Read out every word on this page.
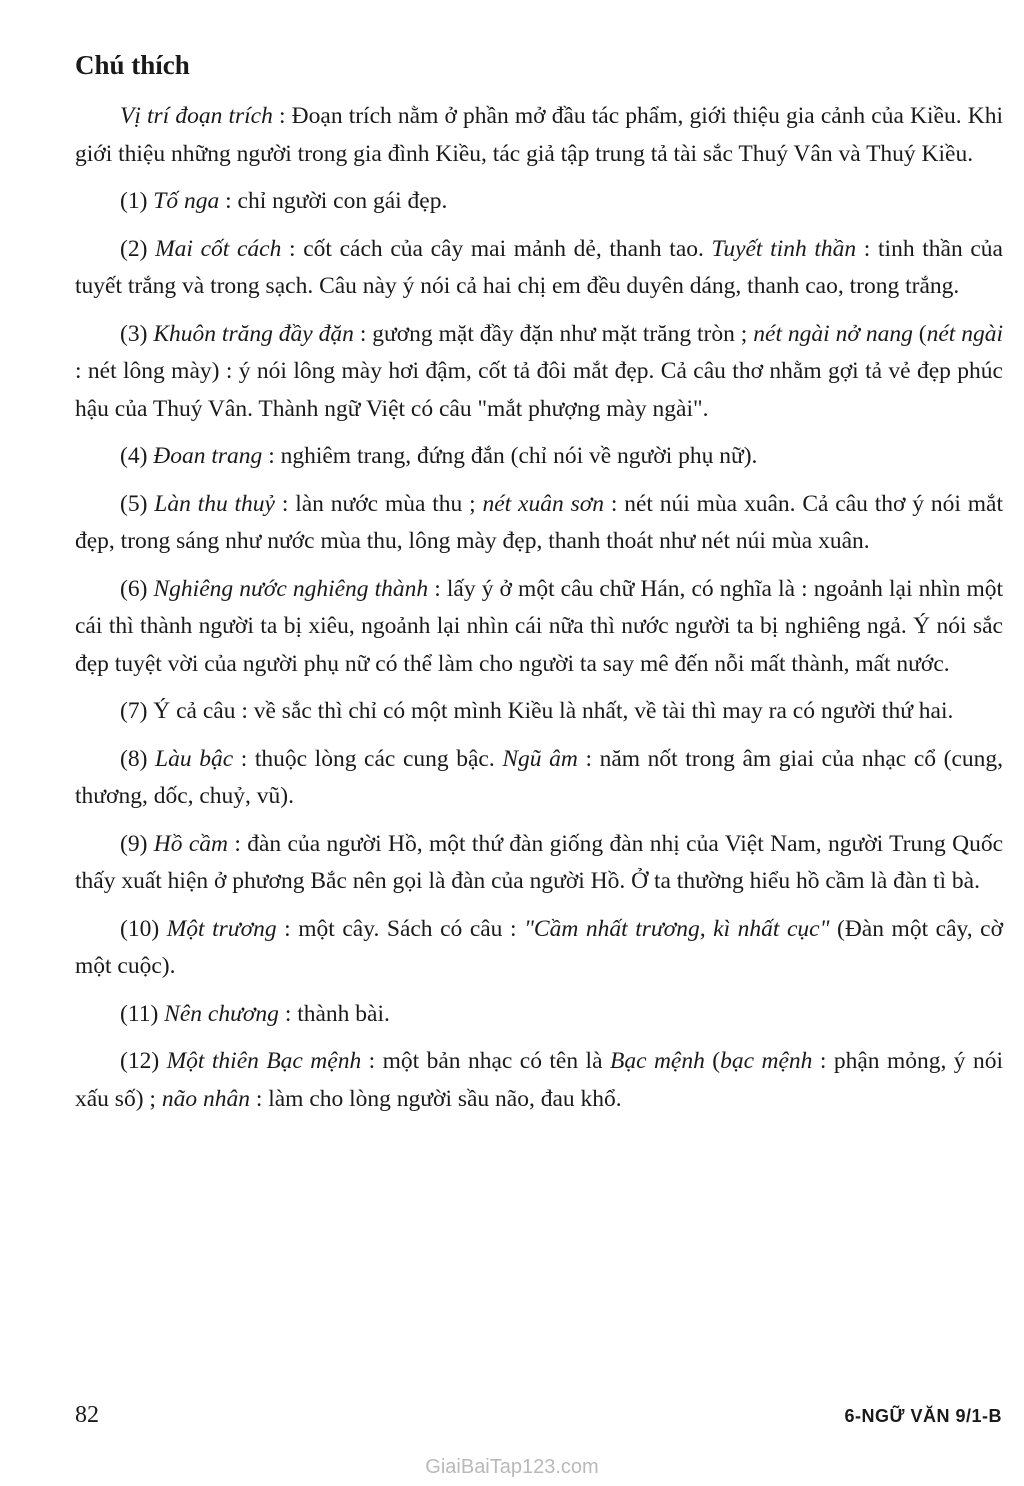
Chú thích

Vị trí đoạn trích : Đoạn trích nằm ở phần mở đầu tác phẩm, giới thiệu gia cảnh của Kiều. Khi giới thiệu những người trong gia đình Kiều, tác giả tập trung tả tài sắc Thuý Vân và Thuý Kiều.

(1) Tố nga : chỉ người con gái đẹp.

(2) Mai cốt cách : cốt cách của cây mai mảnh dẻ, thanh tao. Tuyết tinh thần : tinh thần của tuyết trắng và trong sạch. Câu này ý nói cả hai chị em đều duyên dáng, thanh cao, trong trắng.

(3) Khuôn trăng đầy đặn : gương mặt đầy đặn như mặt trăng tròn ; nét ngài nở nang (nét ngài : nét lông mày) : ý nói lông mày hơi đậm, cốt tả đôi mắt đẹp. Cả câu thơ nhằm gợi tả vẻ đẹp phúc hậu của Thuý Vân. Thành ngữ Việt có câu "mắt phượng mày ngài".

(4) Đoan trang : nghiêm trang, đứng đắn (chỉ nói về người phụ nữ).

(5) Làn thu thuỷ : làn nước mùa thu ; nét xuân sơn : nét núi mùa xuân. Cả câu thơ ý nói mắt đẹp, trong sáng như nước mùa thu, lông mày đẹp, thanh thoát như nét núi mùa xuân.

(6) Nghiêng nước nghiêng thành : lấy ý ở một câu chữ Hán, có nghĩa là : ngoảnh lại nhìn một cái thì thành người ta bị xiêu, ngoảnh lại nhìn cái nữa thì nước người ta bị nghiêng ngả. Ý nói sắc đẹp tuyệt vời của người phụ nữ có thể làm cho người ta say mê đến nỗi mất thành, mất nước.

(7) Ý cả câu : về sắc thì chỉ có một mình Kiều là nhất, về tài thì may ra có người thứ hai.

(8) Làu bậc : thuộc lòng các cung bậc. Ngũ âm : năm nốt trong âm giai của nhạc cổ (cung, thương, dốc, chuỷ, vũ).

(9) Hồ cầm : đàn của người Hồ, một thứ đàn giống đàn nhị của Việt Nam, người Trung Quốc thấy xuất hiện ở phương Bắc nên gọi là đàn của người Hồ. Ở ta thường hiểu hồ cầm là đàn tì bà.

(10) Một trương : một cây. Sách có câu : "Cầm nhất trương, kì nhất cục" (Đàn một cây, cờ một cuộc).

(11) Nên chương : thành bài.

(12) Một thiên Bạc mệnh : một bản nhạc có tên là Bạc mệnh (bạc mệnh : phận mỏng, ý nói xấu số) ; não nhân : làm cho lòng người sầu não, đau khổ.

82	6-NGỮ VĂN 9/1-B
GiaiBaiTap123.com
